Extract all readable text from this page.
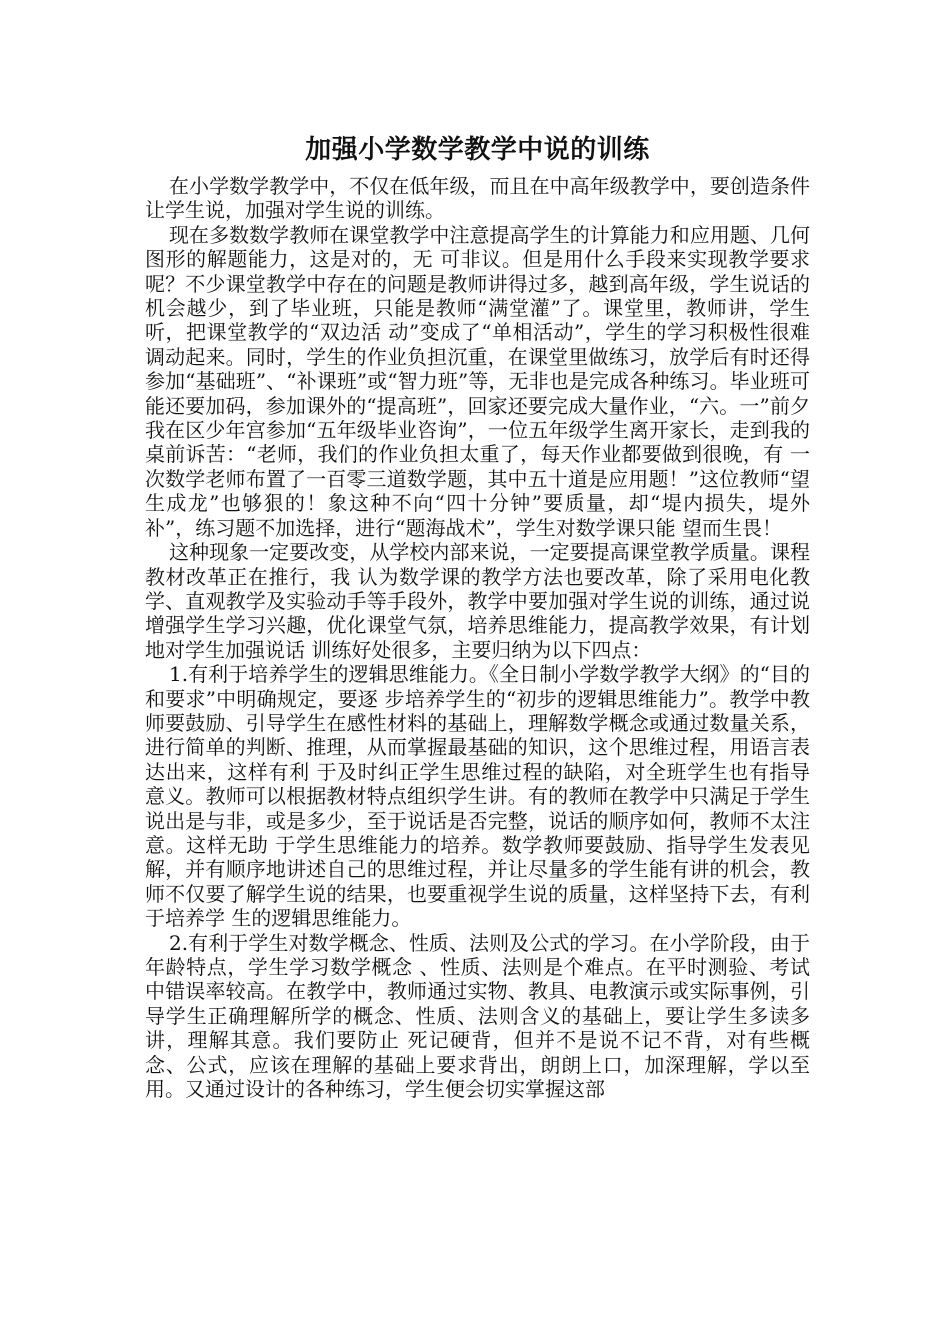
加强小学数学教学中说的训练

在小学数学教学中，不仅在低年级，而且在中高年级教学中，要创造条件让学生说，加强对学生说的训练。

现在多数数学教师在课堂教学中注意提高学生的计算能力和应用题、几何图形的解题能力，这是对的，无 可非议。但是用什么手段来实现教学要求呢？不少课堂教学中存在的问题是教师讲得过多，越到高年级，学生说话的机会越少，到了毕业班，只能是教师“满堂灌”了。课堂里，教师讲，学生听，把课堂教学的“双边活 动”变成了“单相活动”，学生的学习积极性很难调动起来。同时，学生的作业负担沉重，在课堂里做练习，放学后有时还得参加“基础班”、“补课班”或“智力班”等，无非也是完成各种练习。毕业班可能还要加码，参加课外的“提高班”，回家还要完成大量作业，“六。一”前夕我在区少年宫参加“五年级毕业咨询”，一位五年级学生离开家长，走到我的桌前诉苦：“老师，我们的作业负担太重了，每天作业都要做到很晚，有 一次数学老师布置了一百零三道数学题，其中五十道是应用题！”这位教师“望生成龙”也够狠的！象这种不向“四十分钟”要质量，却“堤内损失，堤外补”，练习题不加选择，进行“题海战术”，学生对数学课只能 望而生畏！

这种现象一定要改变，从学校内部来说，一定要提高课堂教学质量。课程教材改革正在推行，我 认为数学课的教学方法也要改革，除了采用电化教学、直观教学及实验动手等手段外，教学中要加强对学生说的训练，通过说增强学生学习兴趣，优化课堂气氛，培养思维能力，提高教学效果，有计划地对学生加强说话 训练好处很多，主要归纳为以下四点：

1.有利于培养学生的逻辑思维能力。《全日制小学数学教学大纲》的“目的和要求”中明确规定，要逐 步培养学生的“初步的逻辑思维能力”。教学中教师要鼓励、引导学生在感性材料的基础上，理解数学概念或通过数量关系，进行简单的判断、推理，从而掌握最基础的知识，这个思维过程，用语言表达出来，这样有利 于及时纠正学生思维过程的缺陷，对全班学生也有指导意义。教师可以根据教材特点组织学生讲。有的教师在教学中只满足于学生说出是与非，或是多少，至于说话是否完整，说话的顺序如何，教师不太注意。这样无助 于学生思维能力的培养。数学教师要鼓励、指导学生发表见解，并有顺序地讲述自己的思维过程，并让尽量多的学生能有讲的机会，教师不仅要了解学生说的结果，也要重视学生说的质量，这样坚持下去，有利于培养学 生的逻辑思维能力。

2.有利于学生对数学概念、性质、法则及公式的学习。在小学阶段，由于年龄特点，学生学习数学概念 、性质、法则是个难点。在平时测验、考试中错误率较高。在教学中，教师通过实物、教具、电教演示或实际事例，引导学生正确理解所学的概念、性质、法则含义的基础上，要让学生多读多讲，理解其意。我们要防止 死记硬背，但并不是说不记不背，对有些概念、公式，应该在理解的基础上要求背出，朗朗上口，加深理解，学以至用。又通过设计的各种练习，学生便会切实掌握这部
